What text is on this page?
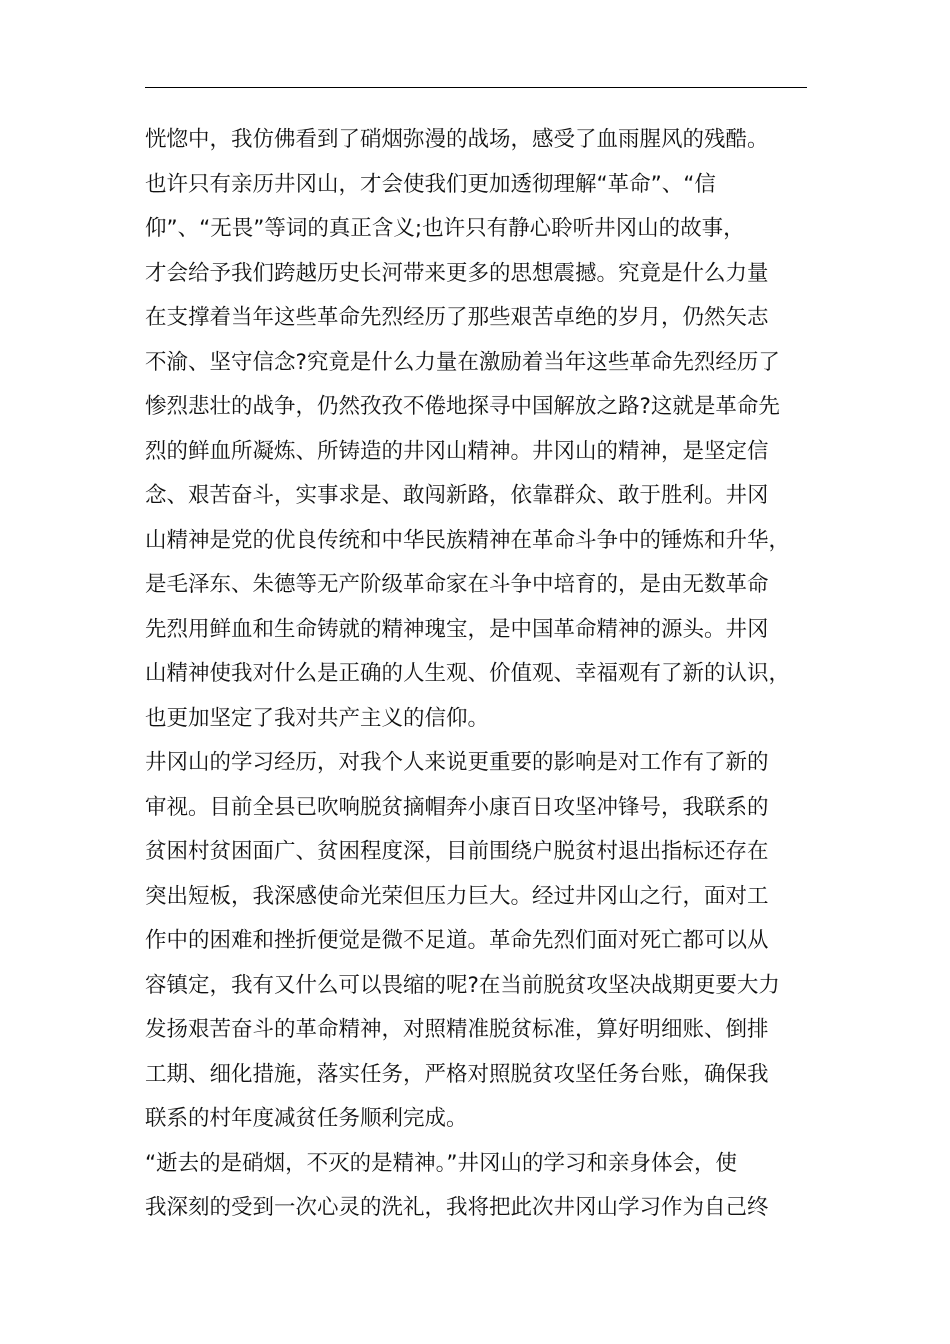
恍惚中，我仿佛看到了硝烟弥漫的战场，感受了血雨腥风的残酷。
也许只有亲历井冈山，才会使我们更加透彻理解“革命”、“信
仰”、“无畏”等词的真正含义;也许只有静心聆听井冈山的故事，
才会给予我们跨越历史长河带来更多的思想震撼。究竟是什么力量
在支撑着当年这些革命先烈经历了那些艰苦卓绝的岁月，仍然矢志
不渝、坚守信念?究竟是什么力量在激励着当年这些革命先烈经历了
惨烈悲壮的战争，仍然孜孜不倦地探寻中国解放之路?这就是革命先
烈的鲜血所凝炼、所铸造的井冈山精神。井冈山的精神，是坚定信
念、艰苦奋斗，实事求是、敢闯新路，依靠群众、敢于胜利。井冈
山精神是党的优良传统和中华民族精神在革命斗争中的锤炼和升华，
是毛泽东、朱德等无产阶级革命家在斗争中培育的，是由无数革命
先烈用鲜血和生命铸就的精神瑰宝，是中国革命精神的源头。井冈
山精神使我对什么是正确的人生观、价值观、幸福观有了新的认识，
也更加坚定了我对共产主义的信仰。
井冈山的学习经历，对我个人来说更重要的影响是对工作有了新的
审视。目前全县已吹响脱贫摘帽奔小康百日攻坚冲锋号，我联系的
贫困村贫困面广、贫困程度深，目前围绕户脱贫村退出指标还存在
突出短板，我深感使命光荣但压力巨大。经过井冈山之行，面对工
作中的困难和挫折便觉是微不足道。革命先烈们面对死亡都可以从
容镇定，我有又什么可以畏缩的呢?在当前脱贫攻坚决战期更要大力
发扬艰苦奋斗的革命精神，对照精准脱贫标准，算好明细账、倒排
工期、细化措施，落实任务，严格对照脱贫攻坚任务台账，确保我
联系的村年度减贫任务顺利完成。
“逝去的是硝烟，不灭的是精神。”井冈山的学习和亲身体会，使
我深刻的受到一次心灵的洗礼，我将把此次井冈山学习作为自己终
